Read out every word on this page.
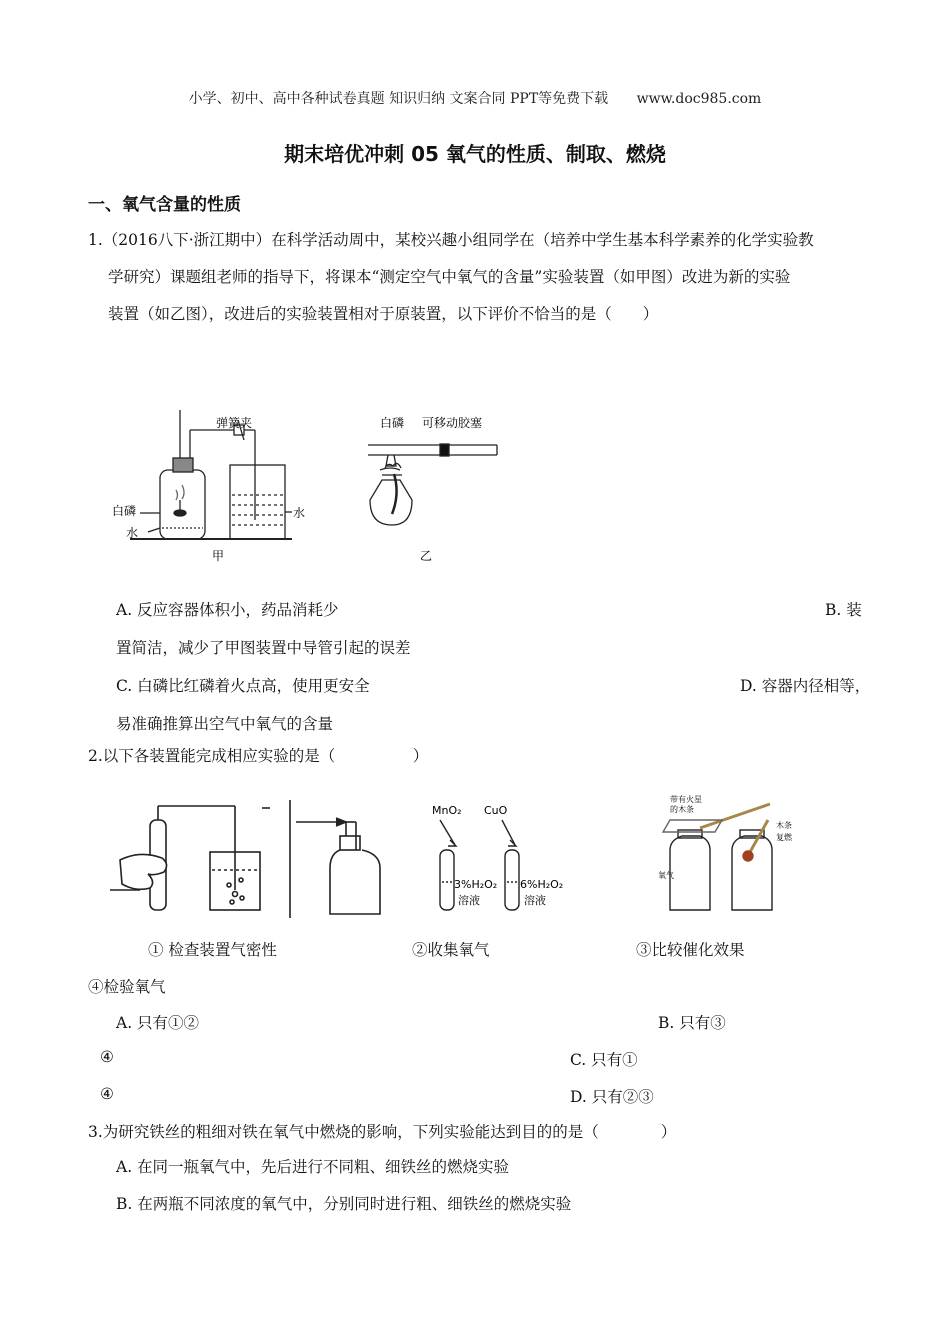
小学、初中、高中各种试卷真题 知识归纳 文案合同 PPT等免费下载 www.doc985.com
期末培优冲刺 05 氧气的性质、制取、燃烧
一、氧气含量的性质
1.（2016八下·浙江期中）在科学活动周中，某校兴趣小组同学在（培养中学生基本科学素养的化学实验教
学研究）课题组老师的指导下，将课本“测定空气中氧气的含量”实验装置（如甲图）改进为新的实验
装置（如乙图），改进后的实验装置相对于原装置，以下评价不恰当的是（　　）
弹簧夹
白磷
水
水
甲
白磷 可移动胶塞
乙
A. 反应容器体积小，药品消耗少	B. 装
置简洁，减少了甲图装置中导管引起的误差
C. 白磷比红磷着火点高，使用更安全	D. 容器内径相等，
易准确推算出空气中氧气的含量
2.以下各装置能完成相应实验的是（　　　　　）
MnO₂ CuO
3%H₂O₂
溶液
6%H₂O₂
溶液
带有火星
的木条
氧气
木条
复燃
① 检查装置气密性	②收集氧气	③比较催化效果
④检验氧气
A. 只有①②	B. 只有③
④	C. 只有①
④	D. 只有②③
3.为研究铁丝的粗细对铁在氧气中燃烧的影响，下列实验能达到目的的是（　　　　）
A. 在同一瓶氧气中，先后进行不同粗、细铁丝的燃烧实验
B. 在两瓶不同浓度的氧气中，分别同时进行粗、细铁丝的燃烧实验
